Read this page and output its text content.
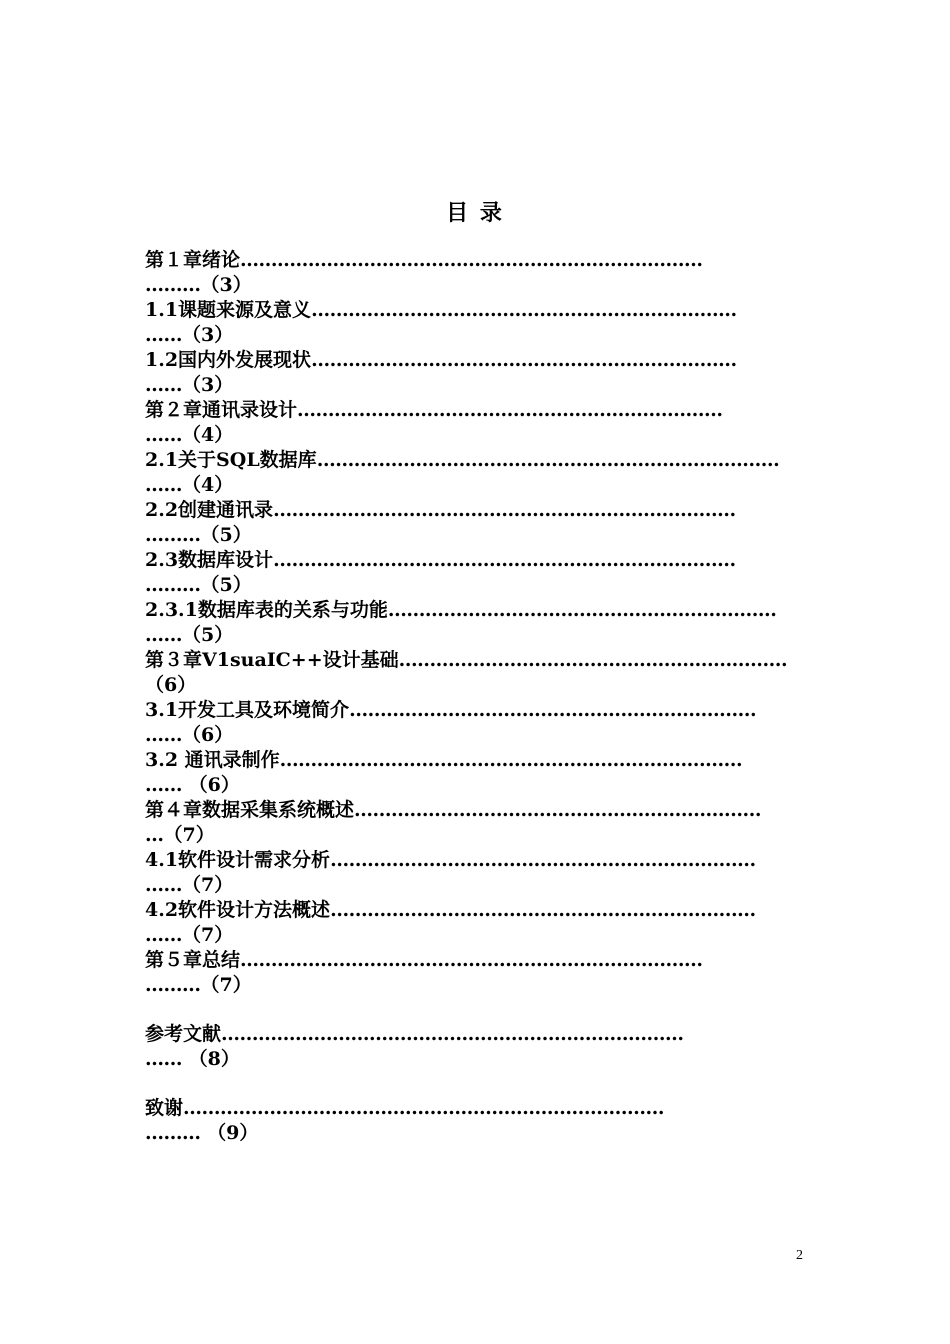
目 录
第１章绪论…………………………………………………………………
………（3）
1.1课题来源及意义……………………………………………………………
……（3）
1.2国内外发展现状……………………………………………………………
……（3）
第２章通讯录设计……………………………………………………………
……（4）
2.1关于SQL数据库…………………………………………………………………
……（4）
2.2创建通讯录…………………………………………………………………
………（5）
2.3数据库设计…………………………………………………………………
………（5）
2.3.1数据库表的关系与功能………………………………………………………
……（5）
第３章V1suaIC++设计基础………………………………………………………
（6）
3.1开发工具及环境简介…………………………………………………………
……（6）
3.2 通讯录制作…………………………………………………………………
…… （6）
第４章数据采集系统概述…………………………………………………………
…（7）
4.1软件设计需求分析……………………………………………………………
……（7）
4.2软件设计方法概述……………………………………………………………
……（7）
第５章总结…………………………………………………………………
………（7）
参考文献…………………………………………………………………
…… （8）
致谢……………………………………………………………………
……… （9）
2
